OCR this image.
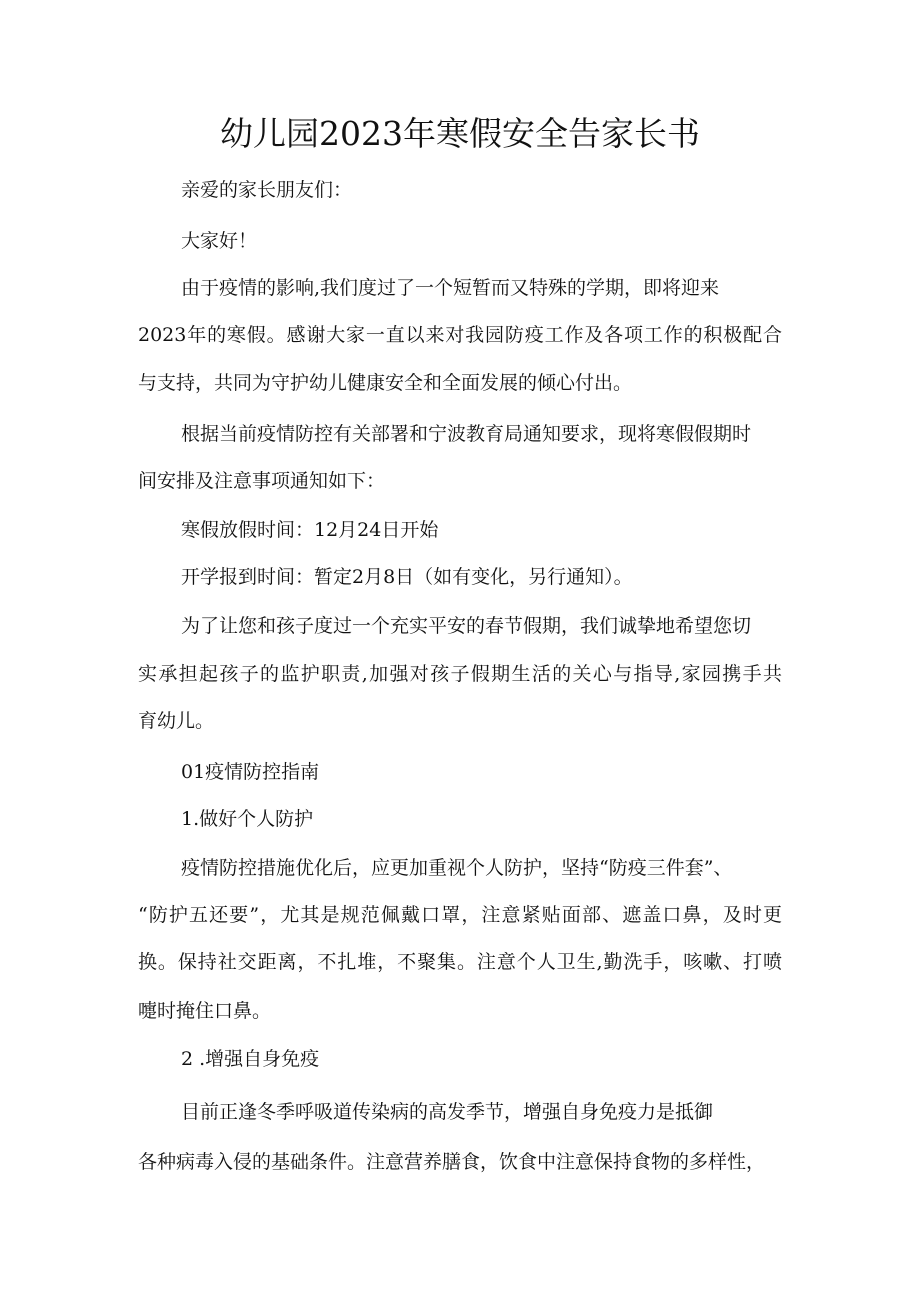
幼儿园2023年寒假安全告家长书

亲爱的家长朋友们：

大家好！

由于疫情的影响,我们度过了一个短暂而又特殊的学期，即将迎来

2023年的寒假。感谢大家一直以来对我园防疫工作及各项工作的积极配合

与支持，共同为守护幼儿健康安全和全面发展的倾心付出。

根据当前疫情防控有关部署和宁波教育局通知要求，现将寒假假期时

间安排及注意事项通知如下：

寒假放假时间：12月24日开始

开学报到时间：暂定2月8日（如有变化，另行通知）。

为了让您和孩子度过一个充实平安的春节假期，我们诚挚地希望您切

实承担起孩子的监护职责,加强对孩子假期生活的关心与指导,家园携手共

育幼儿。

01疫情防控指南

1.做好个人防护

疫情防控措施优化后，应更加重视个人防护，坚持“防疫三件套”、

“防护五还要”，尤其是规范佩戴口罩，注意紧贴面部、遮盖口鼻，及时更

换。保持社交距离，不扎堆，不聚集。注意个人卫生,勤洗手，咳嗽、打喷

嚏时掩住口鼻。

2 .增强自身免疫

目前正逢冬季呼吸道传染病的高发季节，增强自身免疫力是抵御

各种病毒入侵的基础条件。注意营养膳食，饮食中注意保持食物的多样性，
